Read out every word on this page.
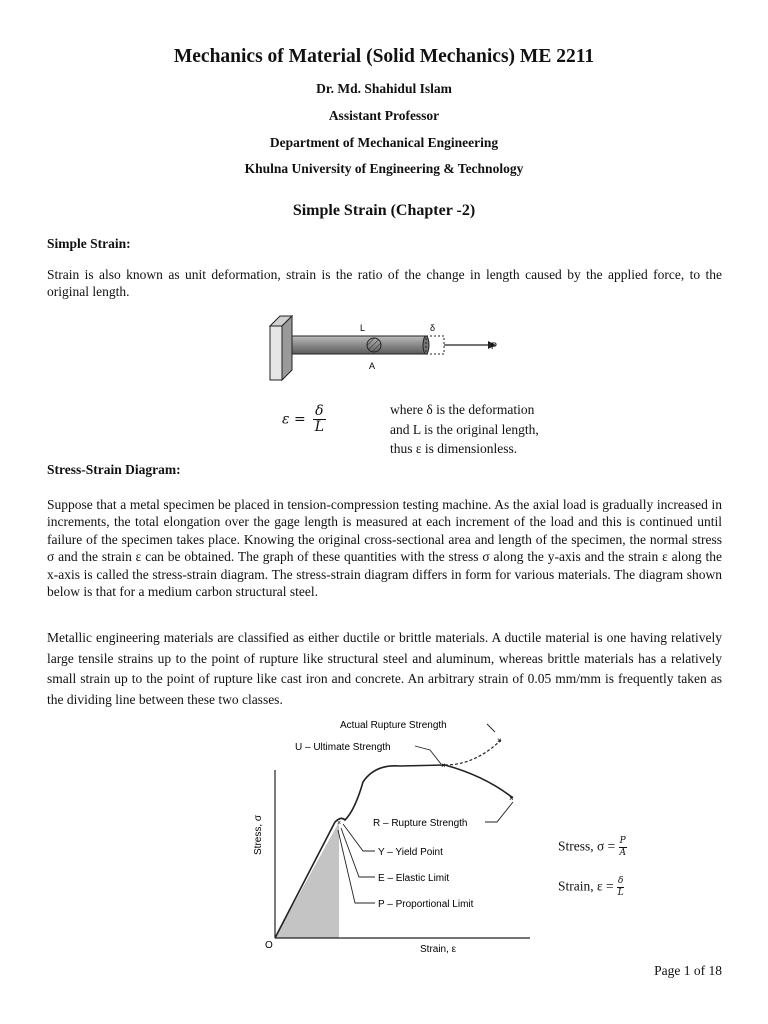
Mechanics of Material (Solid Mechanics) ME 2211
Dr. Md. Shahidul Islam
Assistant Professor
Department of Mechanical Engineering
Khulna University of Engineering & Technology
Simple Strain (Chapter -2)
Simple Strain:
Strain is also known as unit deformation, strain is the ratio of the change in length caused by the applied force, to the original length.
L	δ
P
A
$\varepsilon = \frac{\delta}{L}$	where δ is the deformation
and L is the original length,
thus ε is dimensionless.
Stress-Strain Diagram:
Suppose that a metal specimen be placed in tension-compression testing machine. As the axial load is gradually increased in increments, the total elongation over the gage length is measured at each increment of the load and this is continued until failure of the specimen takes place. Knowing the original cross-sectional area and length of the specimen, the normal stress σ and the strain ε can be obtained. The graph of these quantities with the stress σ along the y-axis and the strain ε along the x-axis is called the stress-strain diagram. The stress-strain diagram differs in form for various materials. The diagram shown below is that for a medium carbon structural steel.
Metallic engineering materials are classified as either ductile or brittle materials. A ductile material is one having relatively large tensile strains up to the point of rupture like structural steel and aluminum, whereas brittle materials has a relatively small strain up to the point of rupture like cast iron and concrete. An arbitrary strain of 0.05 mm/mm is frequently taken as the dividing line between these two classes.
×
×
×
×
Actual Rupture Strength
U – Ultimate Strength
R – Rupture Strength
Y – Yield Point
E – Elastic Limit
P – Proportional Limit
O	Strain, ε
Stress, σ	Stress, $\sigma = \frac{P}{A}$
Strain, $\varepsilon = \frac{\delta}{L}$
Page 1 of 18
